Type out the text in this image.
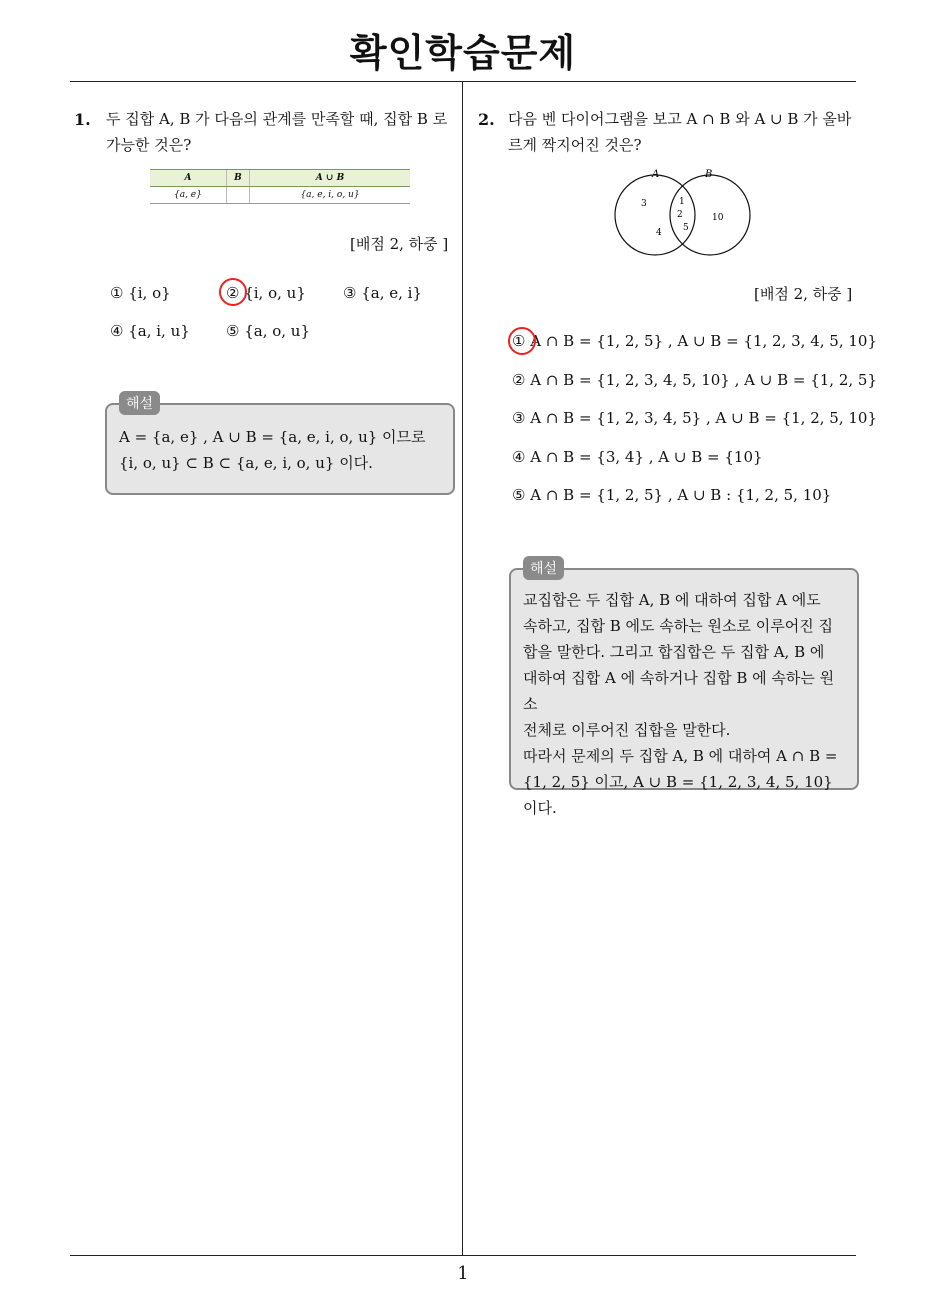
확인학습문제
1. 두 집합 A, B 가 다음의 관계를 만족할 때, 집합 B 로
가능한 것은?
A	B	A ∪ B
{a, e}		{a, e, i, o, u}
[배점 2, 하중 ]
① {i, o}	② {i, o, u} ③ {a, e, i}
④ {a, i, u} ⑤ {a, o, u}
해설
A = {a, e} , A ∪ B = {a, e, i, o, u} 이므로
{i, o, u} ⊂ B ⊂ {a, e, i, o, u} 이다.
2. 다음 벤 다이어그램을 보고 A ∩ B 와 A ∪ B 가 올바
르게 짝지어진 것은?
A	B
3
4
1
2
5
10
[배점 2, 하중 ]
① A ∩ B = {1, 2, 5} , A ∪ B = {1, 2, 3, 4, 5, 10}
② A ∩ B = {1, 2, 3, 4, 5, 10} , A ∪ B = {1, 2, 5}
③ A ∩ B = {1, 2, 3, 4, 5} , A ∪ B = {1, 2, 5, 10}
④ A ∩ B = {3, 4} , A ∪ B = {10}
⑤ A ∩ B = {1, 2, 5} , A ∪ B : {1, 2, 5, 10}
해설
교집합은 두 집합 A, B 에 대하여 집합 A 에도
속하고, 집합 B 에도 속하는 원소로 이루어진 집
합을 말한다. 그리고 합집합은 두 집합 A, B 에
대하여 집합 A 에 속하거나 집합 B 에 속하는 원소
전체로 이루어진 집합을 말한다.
따라서 문제의 두 집합 A, B 에 대하여 A ∩ B =
{1, 2, 5} 이고, A ∪ B = {1, 2, 3, 4, 5, 10} 이다.
1
